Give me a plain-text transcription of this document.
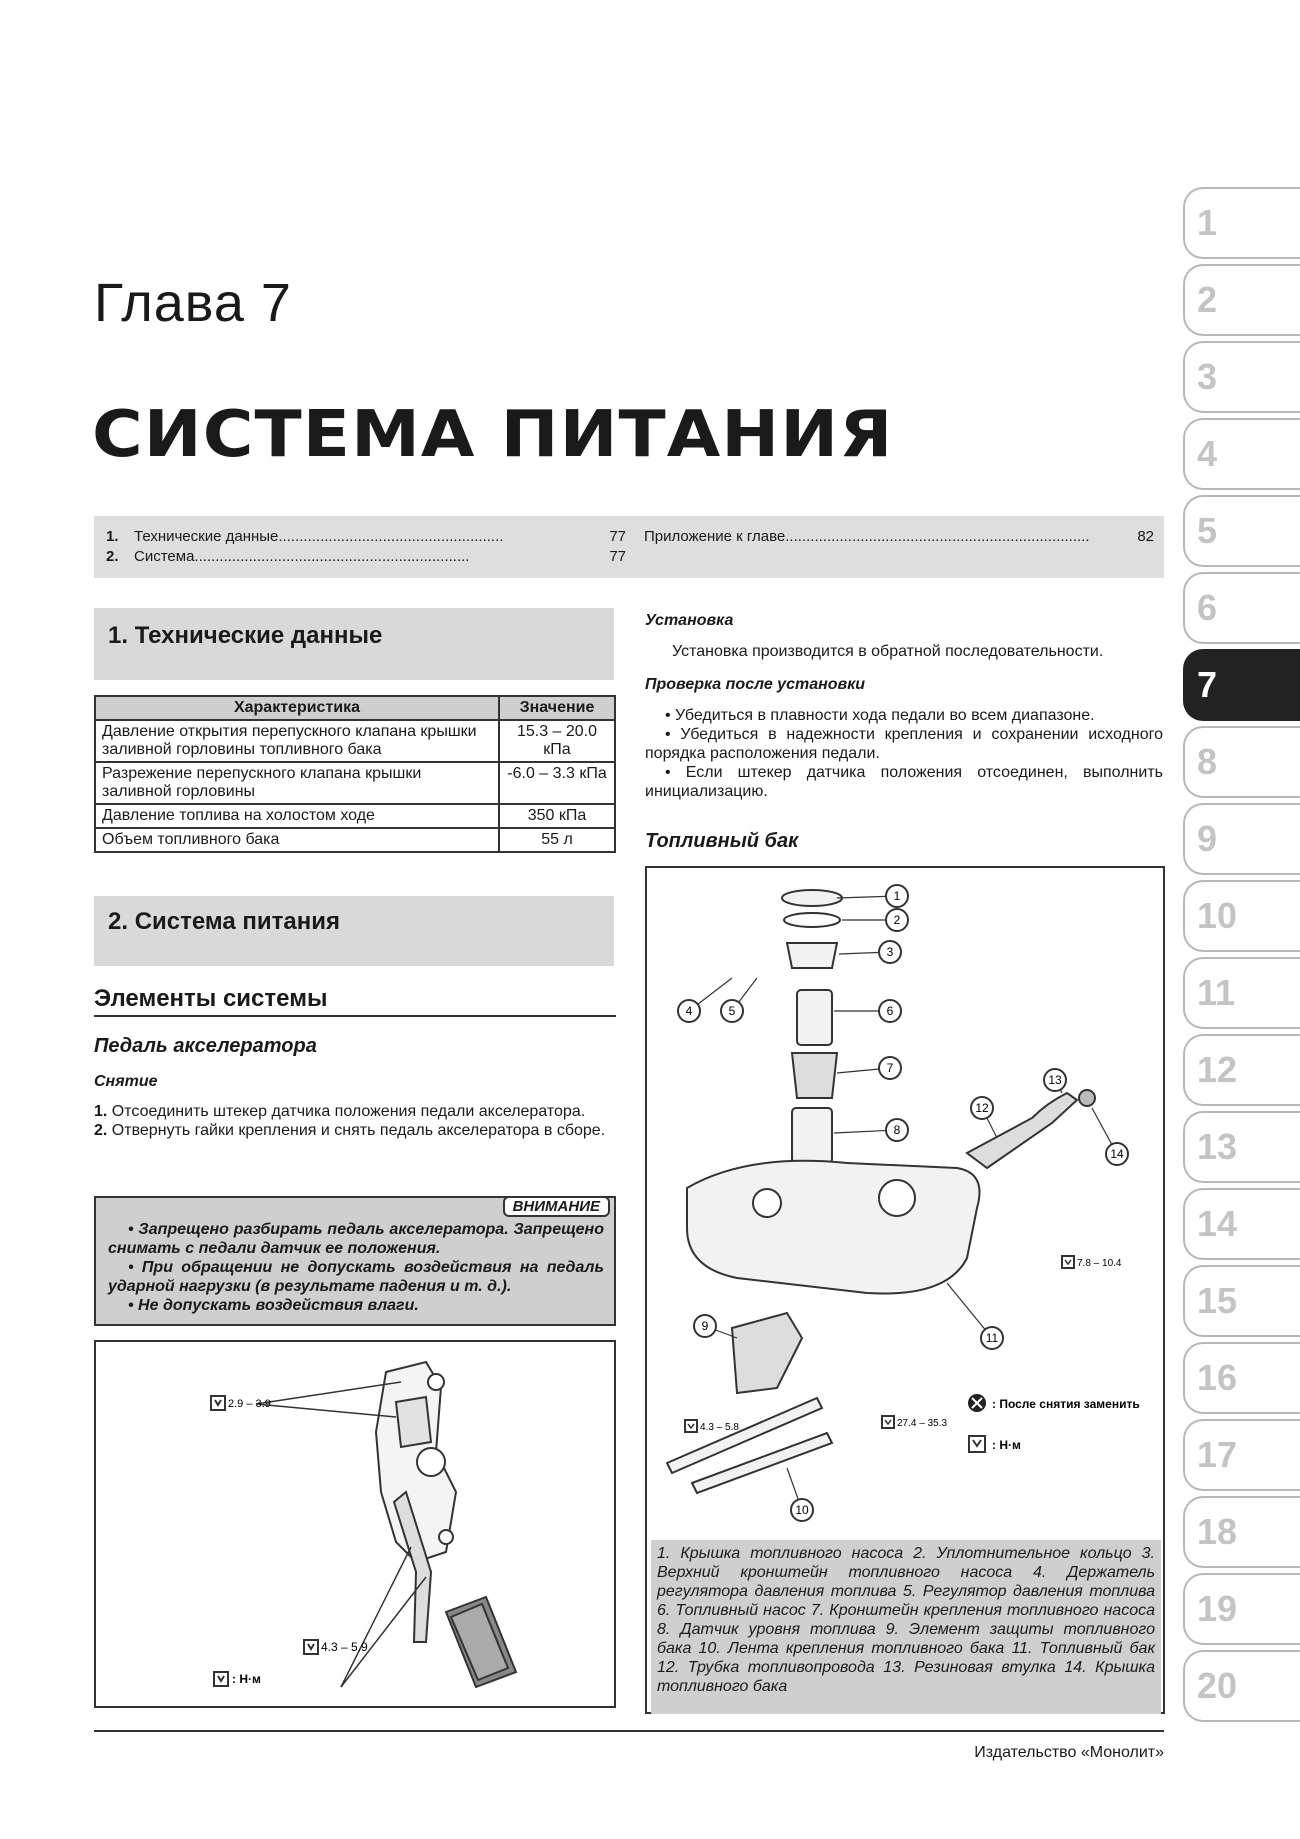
Глава 7
СИСТЕМА ПИТАНИЯ
1
2
3
4
5
6
7
8
9
10
11
12
13
14
15
16
17
18
19
20
1. Технические данные......................................................	77
2. Система..................................................................	77
Приложение к главе.........................................................................	82
1. Технические данные
Характеристика	Значение
Давление открытия перепускного клапана крышки заливной горловины топливного бака	15.3 – 20.0 кПа
Разрежение перепускного клапана крышки заливной горловины	-6.0 – 3.3 кПа
Давление топлива на холостом ходе	350 кПа
Объем топливного бака	55 л
2. Система питания
Элементы системы
Педаль акселератора
Снятие
1. Отсоединить штекер датчика положения педали акселератора.
2. Отвернуть гайки крепления и снять педаль акселератора в сборе.
ВНИМАНИЕ
• Запрещено разбирать педаль акселератора. Запрещено снимать с педали датчик ее положения.
• При обращении не допускать воздействия на педаль ударной нагрузки (в результате падения и т. д.).
• Не допускать воздействия влаги.
2.9 – 3.9
4.3 – 5.9
: Н·м
Установка
Установка производится в обратной последовательности.
Проверка после установки
• Убедиться в плавности хода педали во всем диапазоне.
• Убедиться в надежности крепления и сохранении исходного порядка расположения педали.
• Если штекер датчика положения отсоединен, выполнить инициализацию.
Топливный бак
1
2
3
4	5	6
7
8
9
10
11
12
13
14
7.8 – 10.4
4.3 – 5.8	27.4 – 35.3
: После снятия заменить
: Н·м
1. Крышка топливного насоса 2. Уплотнительное кольцо 3. Верхний кронштейн топливного насоса 4. Держатель регулятора давления топлива 5. Регулятор давления топлива 6. Топливный насос 7. Кронштейн крепления топливного насоса 8. Датчик уровня топлива 9. Элемент защиты топливного бака 10. Лента крепления топливного бака 11. Топливный бак 12. Трубка топливопровода 13. Резиновая втулка 14. Крышка топливного бака
Издательство «Монолит»
